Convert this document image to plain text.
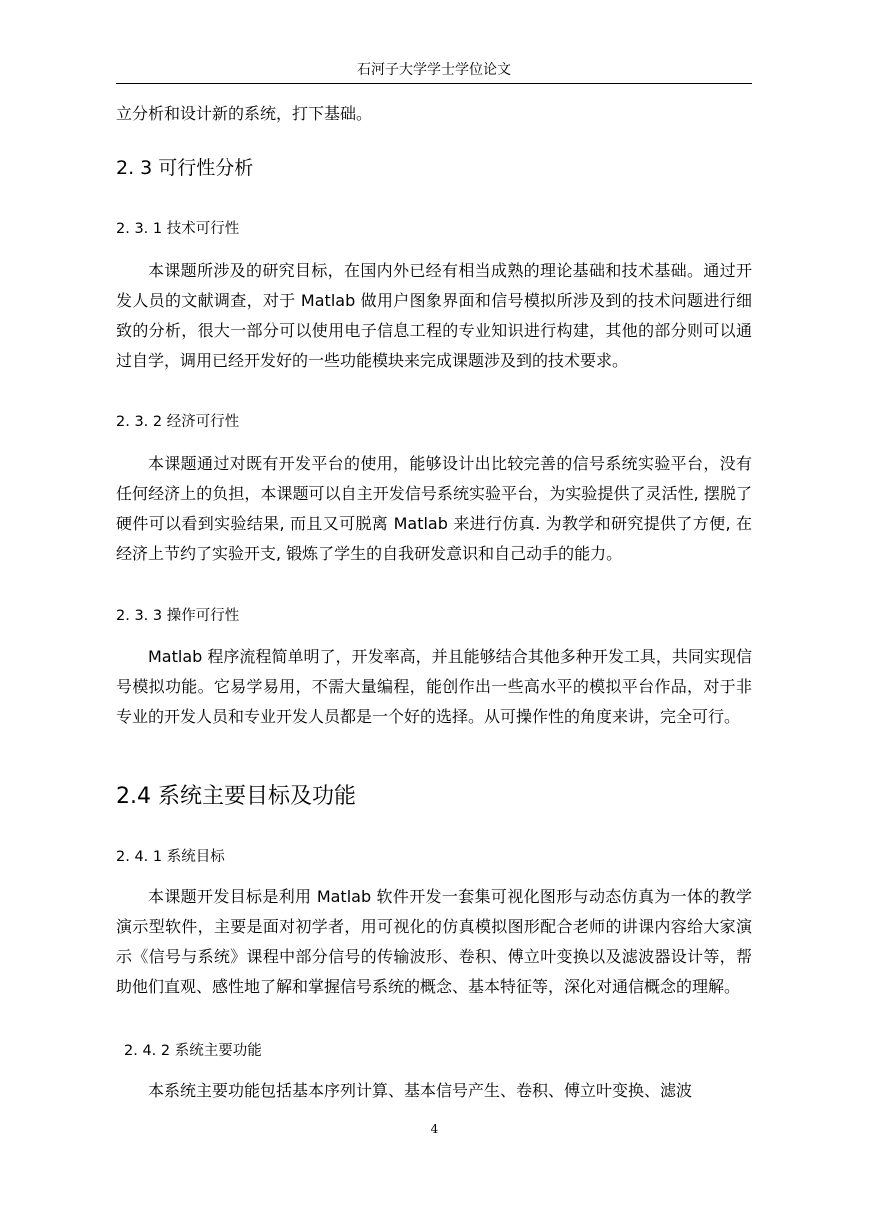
石河子大学学士学位论文
立分析和设计新的系统，打下基础。
2. 3 可行性分析
2. 3. 1 技术可行性
本课题所涉及的研究目标，在国内外已经有相当成熟的理论基础和技术基础。通过开发人员的文献调查，对于 Matlab 做用户图象界面和信号模拟所涉及到的技术问题进行细致的分析，很大一部分可以使用电子信息工程的专业知识进行构建，其他的部分则可以通过自学，调用已经开发好的一些功能模块来完成课题涉及到的技术要求。
2. 3. 2 经济可行性
本课题通过对既有开发平台的使用，能够设计出比较完善的信号系统实验平台，没有任何经济上的负担，本课题可以自主开发信号系统实验平台，为实验提供了灵活性, 摆脱了硬件可以看到实验结果, 而且又可脱离 Matlab 来进行仿真. 为教学和研究提供了方便, 在经济上节约了实验开支, 锻炼了学生的自我研发意识和自己动手的能力。
2. 3. 3 操作可行性
Matlab 程序流程简单明了，开发率高，并且能够结合其他多种开发工具，共同实现信号模拟功能。它易学易用，不需大量编程，能创作出一些高水平的模拟平台作品，对于非专业的开发人员和专业开发人员都是一个好的选择。从可操作性的角度来讲，完全可行。
2.4 系统主要目标及功能
2. 4. 1 系统目标
本课题开发目标是利用 Matlab 软件开发一套集可视化图形与动态仿真为一体的教学演示型软件，主要是面对初学者，用可视化的仿真模拟图形配合老师的讲课内容给大家演示《信号与系统》课程中部分信号的传输波形、卷积、傅立叶变换以及滤波器设计等，帮助他们直观、感性地了解和掌握信号系统的概念、基本特征等，深化对通信概念的理解。
2. 4. 2 系统主要功能
本系统主要功能包括基本序列计算、基本信号产生、卷积、傅立叶变换、滤波
4
